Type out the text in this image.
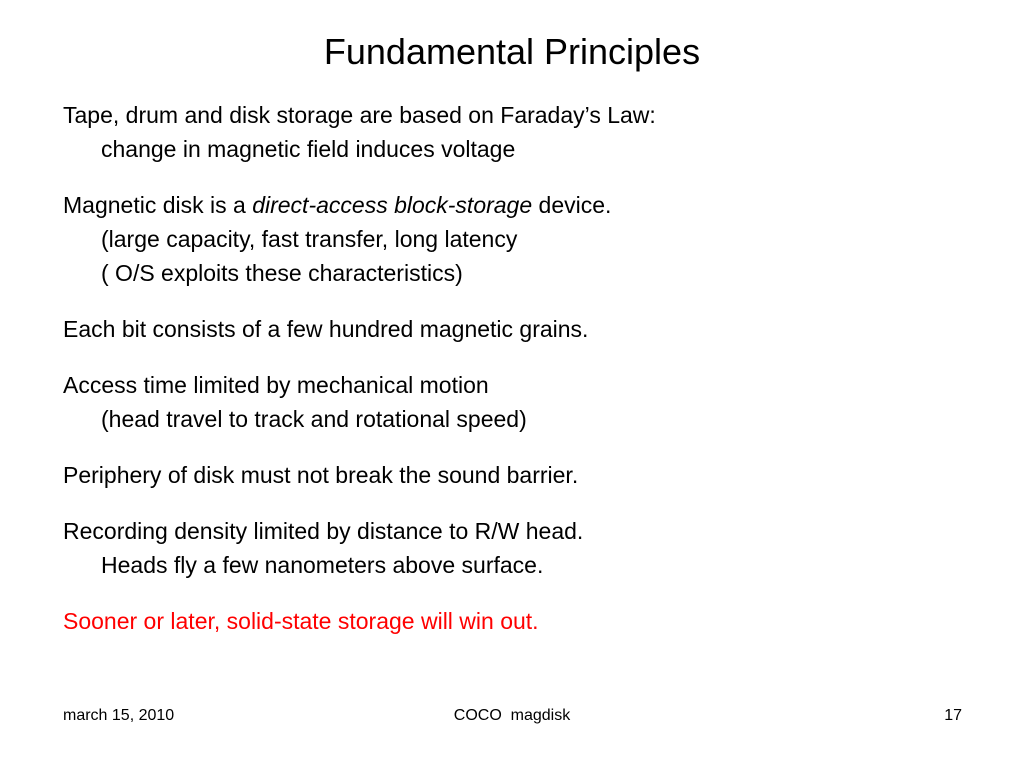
Fundamental Principles
Tape, drum and disk storage are based on Faraday’s Law:
change in magnetic field induces voltage
Magnetic disk is a direct-access block-storage device.
(large capacity, fast transfer, long latency
( O/S exploits these characteristics)
Each bit consists of a few hundred magnetic grains.
Access time limited by mechanical motion
(head travel to track and rotational speed)
Periphery of disk must not break the sound barrier.
Recording density limited by distance to R/W head.
Heads fly a few nanometers above surface.
Sooner or later, solid-state storage will win out.
march 15, 2010	COCO  magdisk	17
